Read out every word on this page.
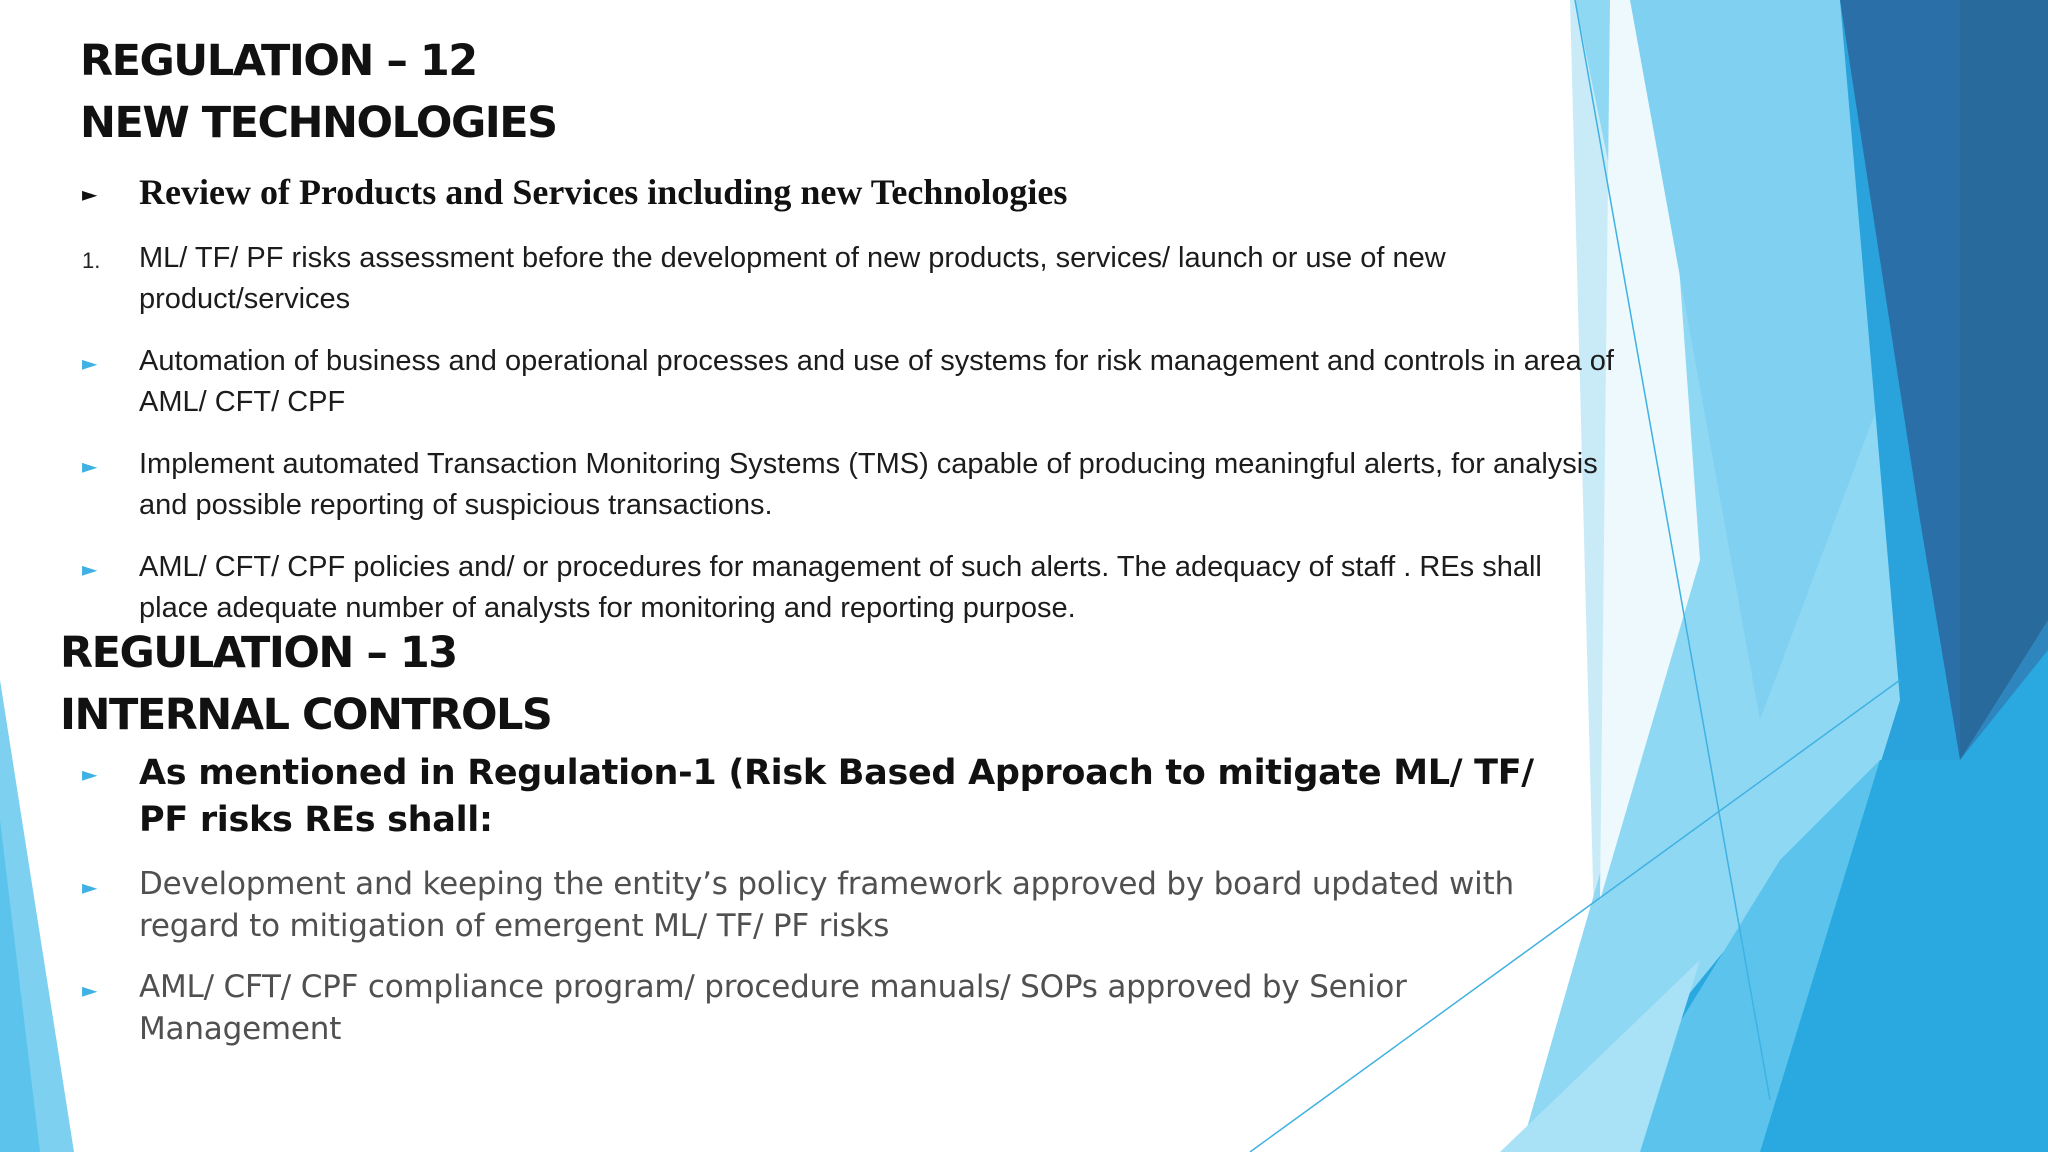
REGULATION – 12
NEW TECHNOLOGIES
► Review of Products and Services including new Technologies
1. ML/ TF/ PF risks assessment before the development of new products, services/ launch or use of new product/services
► Automation of business and operational processes and use of systems for risk management and controls in area of AML/ CFT/ CPF
► Implement automated Transaction Monitoring Systems (TMS) capable of producing meaningful alerts, for analysis and possible reporting of suspicious transactions.
► AML/ CFT/ CPF policies and/ or procedures for management of such alerts. The adequacy of staff . REs shall place adequate number of analysts for monitoring and reporting purpose.
REGULATION – 13
INTERNAL CONTROLS
► As mentioned in Regulation-1 (Risk Based Approach to mitigate ML/ TF/ PF risks REs shall:
► Development and keeping the entity’s policy framework approved by board updated with regard to mitigation of emergent ML/ TF/ PF risks
► AML/ CFT/ CPF compliance program/ procedure manuals/ SOPs approved by Senior Management
